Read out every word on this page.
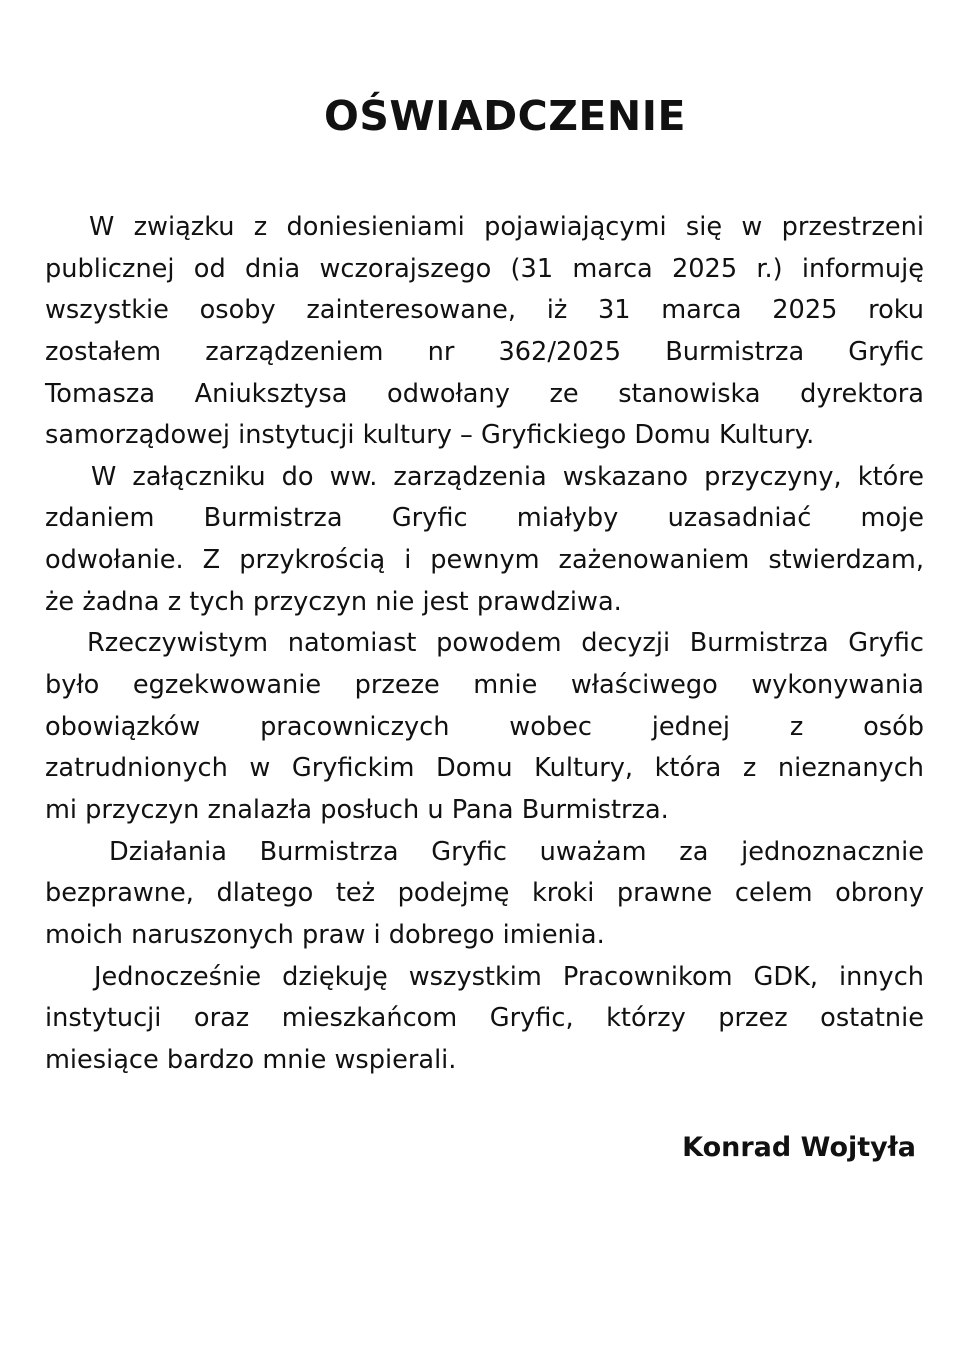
OŚWIADCZENIE
W związku z doniesieniami pojawiającymi się w przestrzeni
publicznej od dnia wczorajszego (31 marca 2025 r.) informuję
wszystkie osoby zainteresowane, iż 31 marca 2025 roku
zostałem zarządzeniem nr 362/2025 Burmistrza Gryfic
Tomasza Aniuksztysa odwołany ze stanowiska dyrektora
samorządowej instytucji kultury – Gryfickiego Domu Kultury.
W załączniku do ww. zarządzenia wskazano przyczyny, które
zdaniem Burmistrza Gryfic miałyby uzasadniać moje
odwołanie. Z przykrością i pewnym zażenowaniem stwierdzam,
że żadna z tych przyczyn nie jest prawdziwa.
Rzeczywistym natomiast powodem decyzji Burmistrza Gryfic
było egzekwowanie przeze mnie właściwego wykonywania
obowiązków pracowniczych wobec jednej z osób
zatrudnionych w Gryfickim Domu Kultury, która z nieznanych
mi przyczyn znalazła posłuch u Pana Burmistrza.
Działania Burmistrza Gryfic uważam za jednoznacznie
bezprawne, dlatego też podejmę kroki prawne celem obrony
moich naruszonych praw i dobrego imienia.
Jednocześnie dziękuję wszystkim Pracownikom GDK, innych
instytucji oraz mieszkańcom Gryfic, którzy przez ostatnie
miesiące bardzo mnie wspierali.
Konrad Wojtyła
